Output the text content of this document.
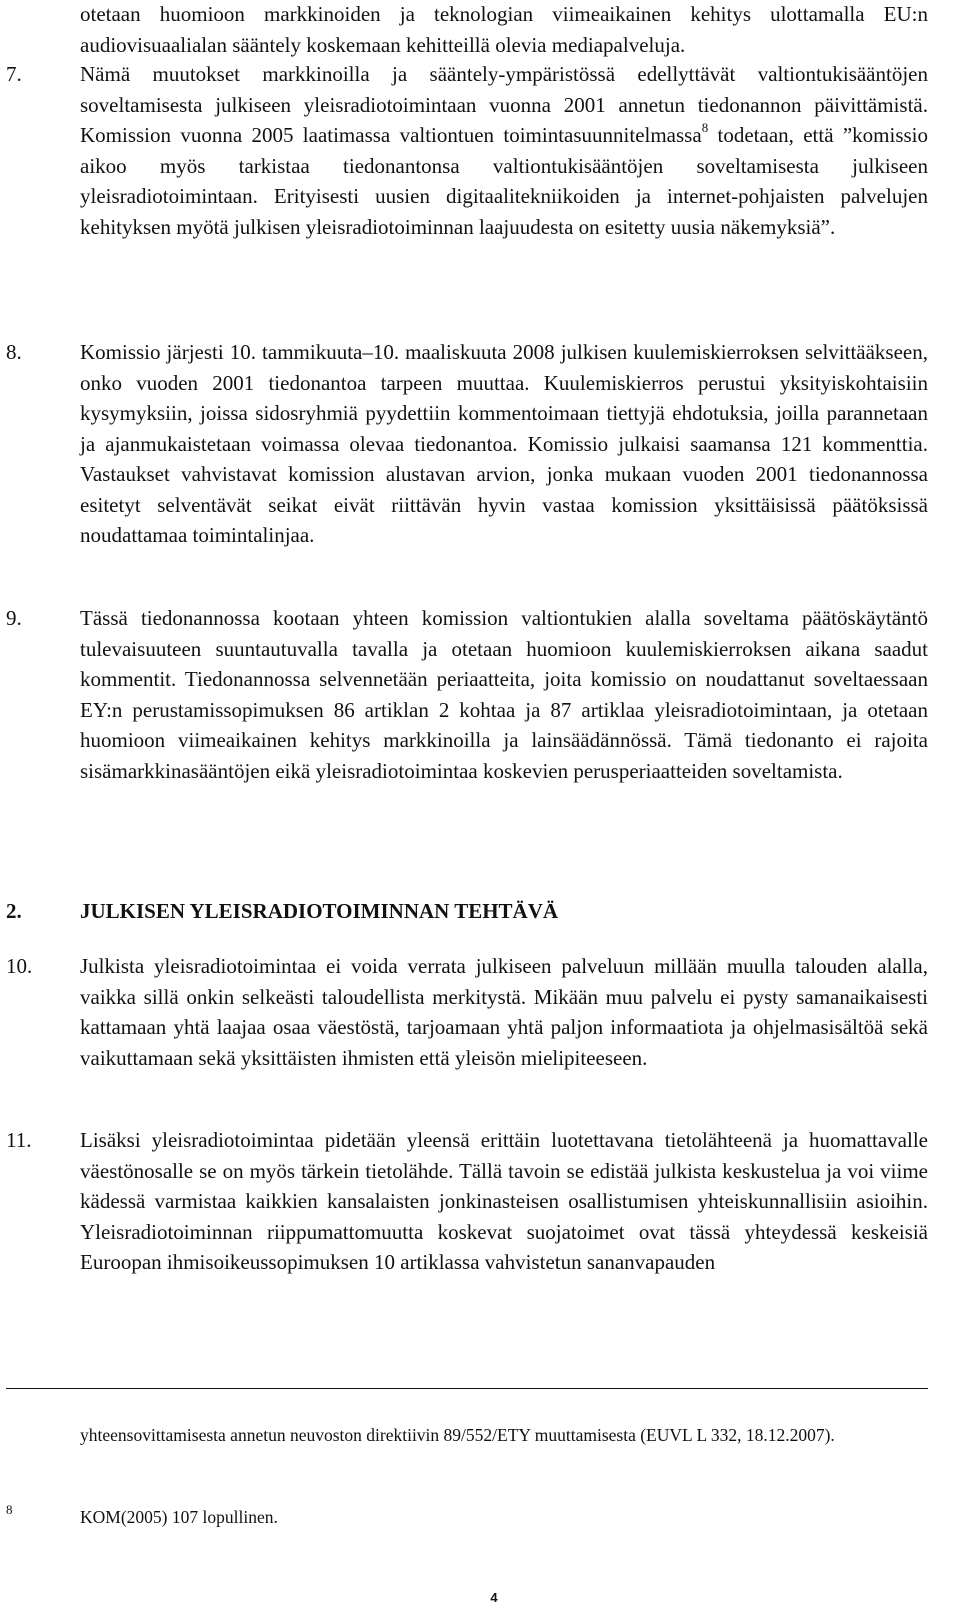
otetaan huomioon markkinoiden ja teknologian viimeaikainen kehitys ulottamalla EU:n audiovisuaalialan sääntely koskemaan kehitteillä olevia mediapalveluja.

7.	Nämä muutokset markkinoilla ja sääntely-ympäristössä edellyttävät valtiontukisääntöjen soveltamisesta julkiseen yleisradiotoimintaan vuonna 2001 annetun tiedonannon päivittämistä. Komission vuonna 2005 laatimassa valtiontuen toimintasuunnitelmassa$^8$ todetaan, että ”komissio aikoo myös tarkistaa tiedonantonsa valtiontukisääntöjen soveltamisesta julkiseen yleisradiotoimintaan. Erityisesti uusien digitaalitekniikoiden ja internet-pohjaisten palvelujen kehityksen myötä julkisen yleisradiotoiminnan laajuudesta on esitetty uusia näkemyksiä”.

8.	Komissio järjesti 10. tammikuuta–10. maaliskuuta 2008 julkisen kuulemiskierroksen selvittääkseen, onko vuoden 2001 tiedonantoa tarpeen muuttaa. Kuulemiskierros perustui yksityiskohtaisiin kysymyksiin, joissa sidosryhmiä pyydettiin kommentoimaan tiettyjä ehdotuksia, joilla parannetaan ja ajanmukaistetaan voimassa olevaa tiedonantoa. Komissio julkaisi saamansa 121 kommenttia. Vastaukset vahvistavat komission alustavan arvion, jonka mukaan vuoden 2001 tiedonannossa esitetyt selventävät seikat eivät riittävän hyvin vastaa komission yksittäisissä päätöksissä noudattamaa toimintalinjaa.

9.	Tässä tiedonannossa kootaan yhteen komission valtiontukien alalla soveltama päätöskäytäntö tulevaisuuteen suuntautuvalla tavalla ja otetaan huomioon kuulemiskierroksen aikana saadut kommentit. Tiedonannossa selvennetään periaatteita, joita komissio on noudattanut soveltaessaan EY:n perustamissopimuksen 86 artiklan 2 kohtaa ja 87 artiklaa yleisradiotoimintaan, ja otetaan huomioon viimeaikainen kehitys markkinoilla ja lainsäädännössä. Tämä tiedonanto ei rajoita sisämarkkinasääntöjen eikä yleisradiotoimintaa koskevien perusperiaatteiden soveltamista.

2.	JULKISEN YLEISRADIOTOIMINNAN TEHTÄVÄ

10. Julkista yleisradiotoimintaa ei voida verrata julkiseen palveluun millään muulla talouden alalla, vaikka sillä onkin selkeästi taloudellista merkitystä. Mikään muu palvelu ei pysty samanaikaisesti kattamaan yhtä laajaa osaa väestöstä, tarjoamaan yhtä paljon informaatiota ja ohjelmasisältöä sekä vaikuttamaan sekä yksittäisten ihmisten että yleisön mielipiteeseen.

11. Lisäksi yleisradiotoimintaa pidetään yleensä erittäin luotettavana tietolähteenä ja huomattavalle väestönosalle se on myös tärkein tietolähde. Tällä tavoin se edistää julkista keskustelua ja voi viime kädessä varmistaa kaikkien kansalaisten jonkinasteisen osallistumisen yhteiskunnallisiin asioihin. Yleisradiotoiminnan riippumattomuutta koskevat suojatoimet ovat tässä yhteydessä keskeisiä Euroopan ihmisoikeussopimuksen 10 artiklassa vahvistetun sananvapauden

yhteensovittamisesta annetun neuvoston direktiivin 89/552/ETY muuttamisesta (EUVL L 332, 18.12.2007).

8	KOM(2005) 107 lopullinen.

4
